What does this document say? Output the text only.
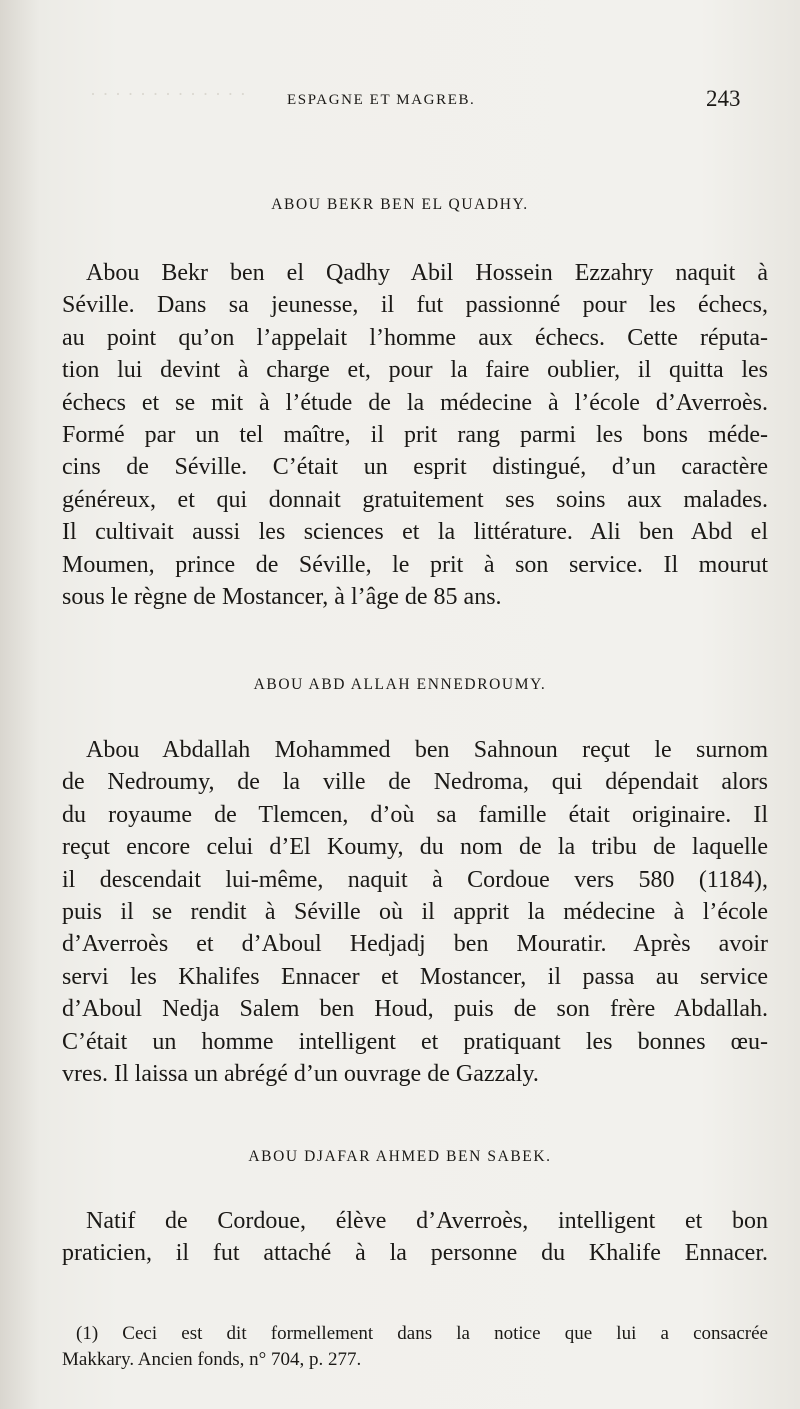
· · · · · · · · · · · · ·	ESPAGNE ET MAGREB.	243
ABOU BEKR BEN EL QUADHY.
Abou Bekr ben el Qadhy Abil Hossein Ezzahry naquit à
Séville. Dans sa jeunesse, il fut passionné pour les échecs,
au point qu’on l’appelait l’homme aux échecs. Cette réputa-
tion lui devint à charge et, pour la faire oublier, il quitta les
échecs et se mit à l’étude de la médecine à l’école d’Averroès.
Formé par un tel maître, il prit rang parmi les bons méde-
cins de Séville. C’était un esprit distingué, d’un caractère
généreux, et qui donnait gratuitement ses soins aux malades.
Il cultivait aussi les sciences et la littérature. Ali ben Abd el
Moumen, prince de Séville, le prit à son service. Il mourut
sous le règne de Mostancer, à l’âge de 85 ans.
ABOU ABD ALLAH ENNEDROUMY.
Abou Abdallah Mohammed ben Sahnoun reçut le surnom
de Nedroumy, de la ville de Nedroma, qui dépendait alors
du royaume de Tlemcen, d’où sa famille était originaire. Il
reçut encore celui d’El Koumy, du nom de la tribu de laquelle
il descendait lui-même, naquit à Cordoue vers 580 (1184),
puis il se rendit à Séville où il apprit la médecine à l’école
d’Averroès et d’Aboul Hedjadj ben Mouratir. Après avoir
servi les Khalifes Ennacer et Mostancer, il passa au service
d’Aboul Nedja Salem ben Houd, puis de son frère Abdallah.
C’était un homme intelligent et pratiquant les bonnes œu-
vres. Il laissa un abrégé d’un ouvrage de Gazzaly.
ABOU DJAFAR AHMED BEN SABEK.
Natif de Cordoue, élève d’Averroès, intelligent et bon
praticien, il fut attaché à la personne du Khalife Ennacer.
(1) Ceci est dit formellement dans la notice que lui a consacrée
Makkary. Ancien fonds, n° 704, p. 277.
